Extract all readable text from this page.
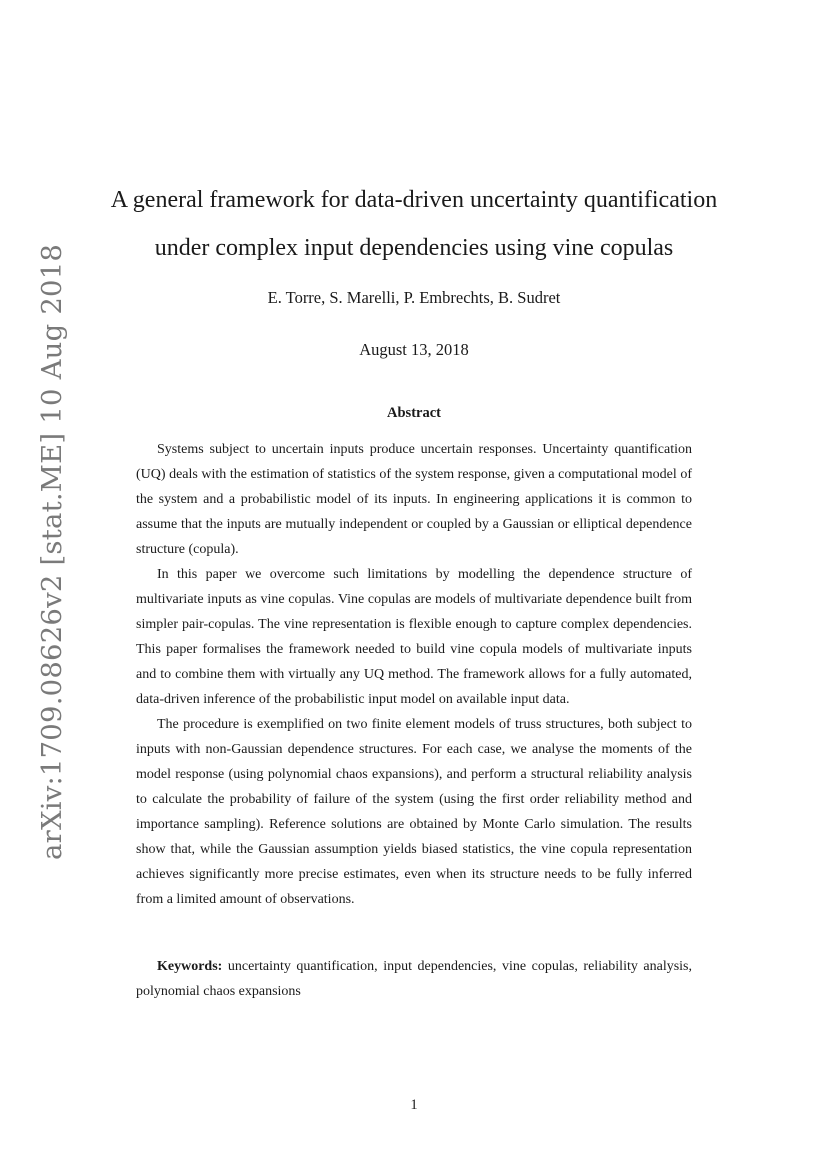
arXiv:1709.08626v2 [stat.ME] 10 Aug 2018
A general framework for data-driven uncertainty quantification
under complex input dependencies using vine copulas
E. Torre, S. Marelli, P. Embrechts, B. Sudret
August 13, 2018
Abstract

Systems subject to uncertain inputs produce uncertain responses. Uncertainty quantification (UQ) deals with the estimation of statistics of the system response, given a computational model of the system and a probabilistic model of its inputs. In engineering applications it is common to assume that the inputs are mutually independent or coupled by a Gaussian or elliptical dependence structure (copula).

In this paper we overcome such limitations by modelling the dependence structure of multivariate inputs as vine copulas. Vine copulas are models of multivariate dependence built from simpler pair-copulas. The vine representation is flexible enough to capture complex dependencies. This paper formalises the framework needed to build vine copula models of multivariate inputs and to combine them with virtually any UQ method. The framework allows for a fully automated, data-driven inference of the probabilistic input model on available input data.

The procedure is exemplified on two finite element models of truss structures, both subject to inputs with non-Gaussian dependence structures. For each case, we analyse the moments of the model response (using polynomial chaos expansions), and perform a structural reliability analysis to calculate the probability of failure of the system (using the first order reliability method and importance sampling). Reference solutions are obtained by Monte Carlo simulation. The results show that, while the Gaussian assumption yields biased statistics, the vine copula representation achieves significantly more precise estimates, even when its structure needs to be fully inferred from a limited amount of observations.

Keywords: uncertainty quantification, input dependencies, vine copulas, reliability analysis, polynomial chaos expansions
1
